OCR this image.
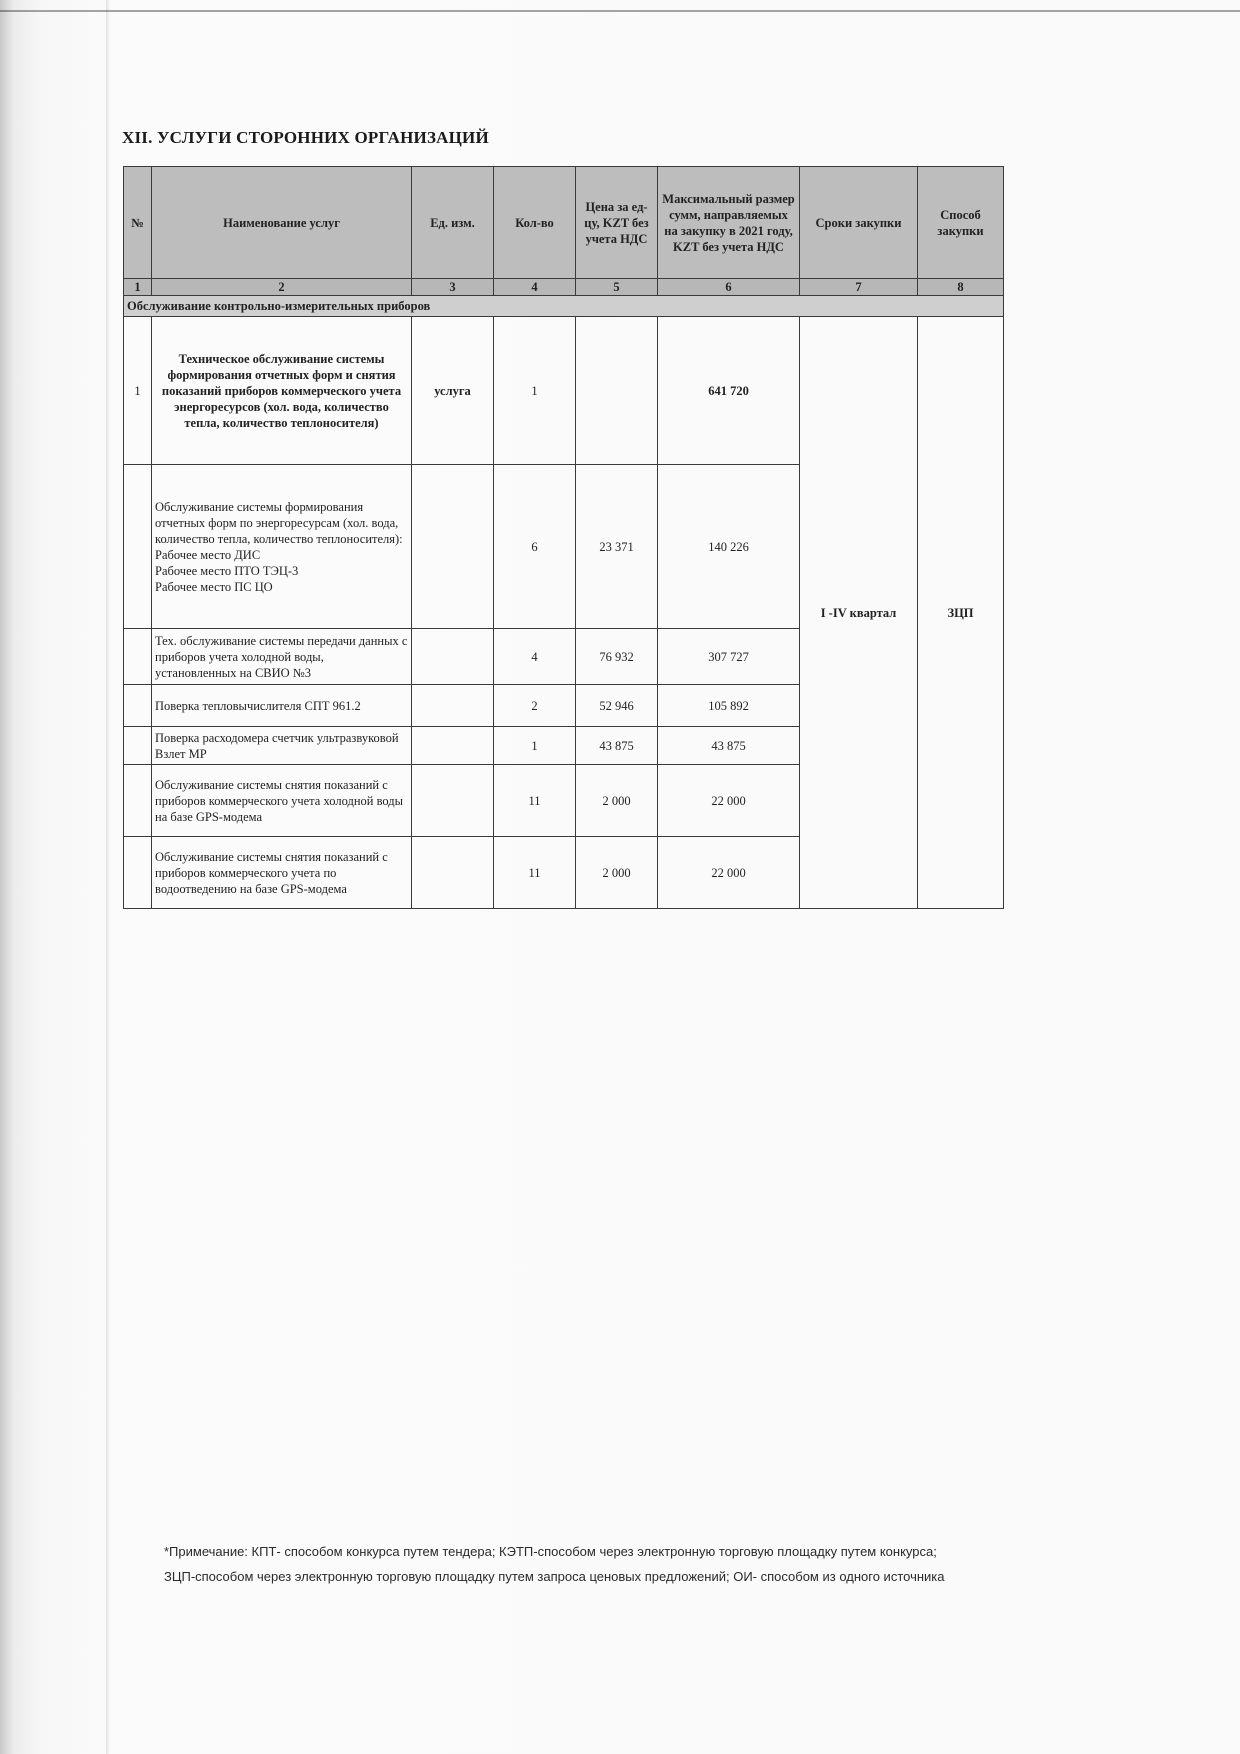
XII. УСЛУГИ СТОРОННИХ ОРГАНИЗАЦИЙ
№	Наименование услуг	Ед. изм.	Кол-во	Цена за ед-цу, KZT без учета НДС	Максимальный размер сумм, направляемых на закупку в 2021 году, KZT без учета НДС	Сроки закупки	Способ закупки
1	2	3	4	5	6	7	8
Обслуживание контрольно-измерительных приборов							
1	Техническое обслуживание системы формирования отчетных форм и снятия показаний приборов коммерческого учета энергоресурсов (хол. вода, количество тепла, количество теплоносителя)	услуга	1		641 720	I -IV квартал	ЗЦП
	Обслуживание системы формирования отчетных форм по энергоресурсам (хол. вода, количество тепла, количество теплоносителя):
Рабочее место ДИС
Рабочее место ПТО ТЭЦ-3
Рабочее место ПС ЦО		6	23 371	140 226		
	Тех. обслуживание системы передачи данных с приборов учета холодной воды, установленных на СВИО №3		4	76 932	307 727		
	Поверка тепловычислителя СПТ 961.2		2	52 946	105 892		
	Поверка расходомера счетчик ультразвуковой Взлет МР		1	43 875	43 875		
	Обслуживание системы снятия показаний с приборов коммерческого учета холодной воды на базе GPS-модема		11	2 000	22 000		
	Обслуживание системы снятия показаний с приборов коммерческого учета по водоотведению на базе GPS-модема		11	2 000	22 000		
*Примечание: КПТ- способом конкурса путем тендера; КЭТП-способом через электронную торговую площадку путем конкурса; ЗЦП-способом через электронную торговую площадку путем запроса ценовых предложений; ОИ- способом из одного источника
